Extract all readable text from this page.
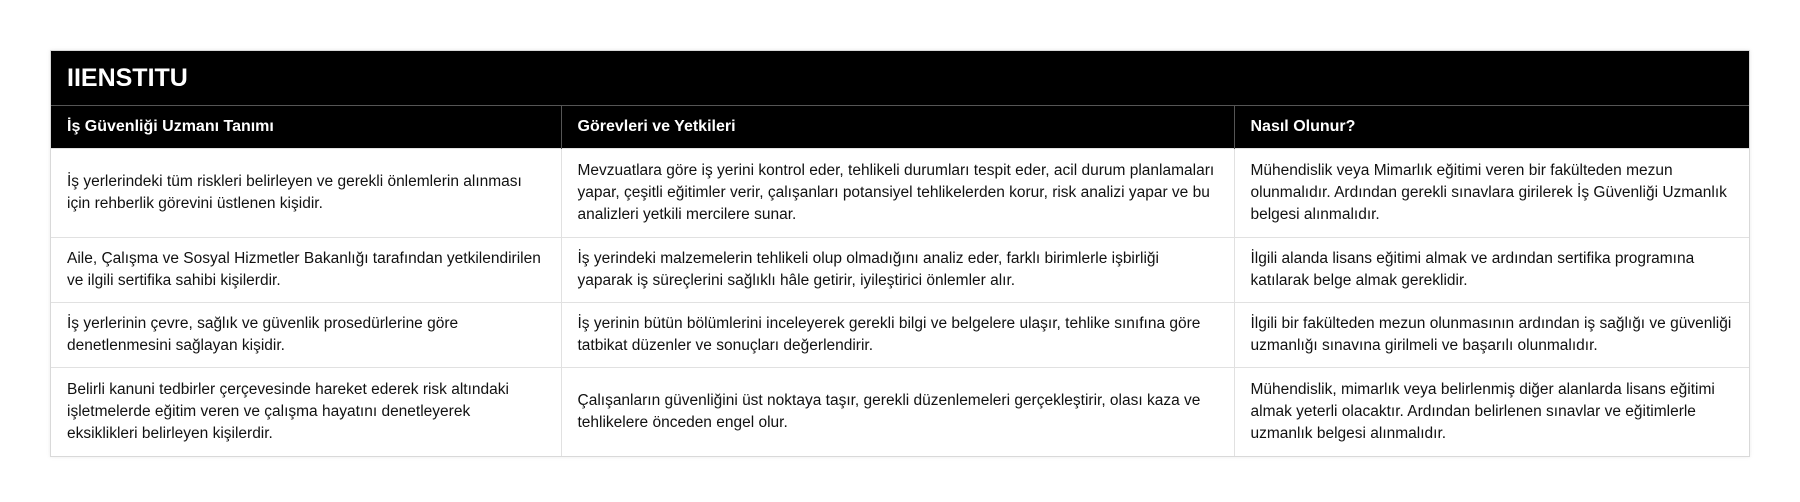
IIENSTITU
İş Güvenliği Uzmanı Tanımı	Görevleri ve Yetkileri	Nasıl Olunur?
İş yerlerindeki tüm riskleri belirleyen ve gerekli önlemlerin alınması için rehberlik görevini üstlenen kişidir.	Mevzuatlara göre iş yerini kontrol eder, tehlikeli durumları tespit eder, acil durum planlamaları yapar, çeşitli eğitimler verir, çalışanları potansiyel tehlikelerden korur, risk analizi yapar ve bu analizleri yetkili mercilere sunar.	Mühendislik veya Mimarlık eğitimi veren bir fakülteden mezun olunmalıdır. Ardından gerekli sınavlara girilerek İş Güvenliği Uzmanlık belgesi alınmalıdır.
Aile, Çalışma ve Sosyal Hizmetler Bakanlığı tarafından yetkilendirilen ve ilgili sertifika sahibi kişilerdir.	İş yerindeki malzemelerin tehlikeli olup olmadığını analiz eder, farklı birimlerle işbirliği yaparak iş süreçlerini sağlıklı hâle getirir, iyileştirici önlemler alır.	İlgili alanda lisans eğitimi almak ve ardından sertifika programına katılarak belge almak gereklidir.
İş yerlerinin çevre, sağlık ve güvenlik prosedürlerine göre denetlenmesini sağlayan kişidir.	İş yerinin bütün bölümlerini inceleyerek gerekli bilgi ve belgelere ulaşır, tehlike sınıfına göre tatbikat düzenler ve sonuçları değerlendirir.	İlgili bir fakülteden mezun olunmasının ardından iş sağlığı ve güvenliği uzmanlığı sınavına girilmeli ve başarılı olunmalıdır.
Belirli kanuni tedbirler çerçevesinde hareket ederek risk altındaki işletmelerde eğitim veren ve çalışma hayatını denetleyerek eksiklikleri belirleyen kişilerdir.	Çalışanların güvenliğini üst noktaya taşır, gerekli düzenlemeleri gerçekleştirir, olası kaza ve tehlikelere önceden engel olur.	Mühendislik, mimarlık veya belirlenmiş diğer alanlarda lisans eğitimi almak yeterli olacaktır. Ardından belirlenen sınavlar ve eğitimlerle uzmanlık belgesi alınmalıdır.
